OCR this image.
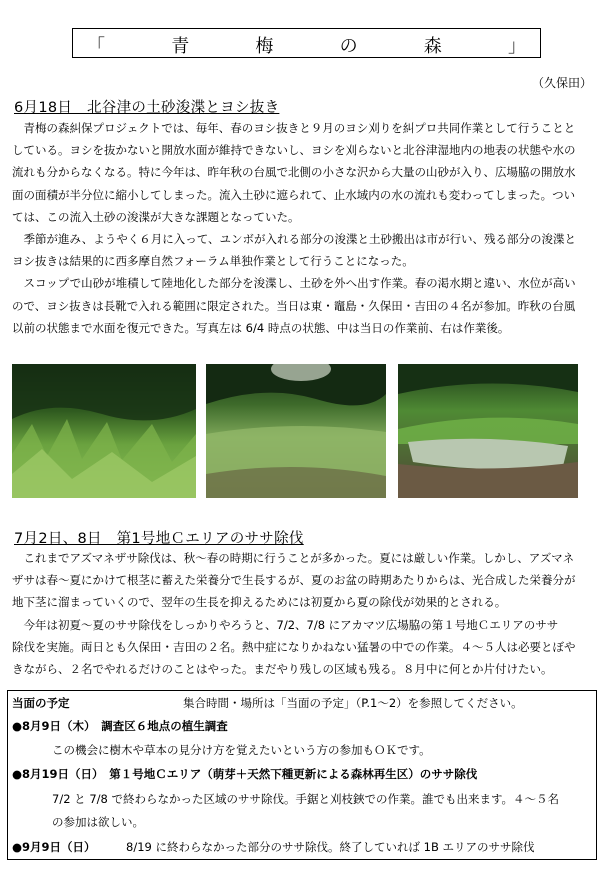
「	青	梅	の	森	」
（久保田）
6月18日　北谷津の土砂浚渫とヨシ抜き
　青梅の森糾保プロジェクトでは、毎年、春のヨシ抜きと９月のヨシ刈りを糾プロ共同作業として行うことと
している。ヨシを抜かないと開放水面が維持できないし、ヨシを刈らないと北谷津湿地内の地表の状態や水の
流れも分からなくなる。特に今年は、昨年秋の台風で北側の小さな沢から大量の山砂が入り、広場脇の開放水
面の面積が半分位に縮小してしまった。流入土砂に遮られて、止水域内の水の流れも変わってしまった。つい
ては、この流入土砂の浚渫が大きな課題となっていた。
　季節が進み、ようやく６月に入って、ユンボが入れる部分の浚渫と土砂搬出は市が行い、残る部分の浚渫と
ヨシ抜きは結果的に西多摩自然フォーラム単独作業として行うことになった。
　スコップで山砂が堆積して陸地化した部分を浚渫し、土砂を外へ出す作業。春の渇水期と違い、水位が高い
ので、ヨシ抜きは長靴で入れる範囲に限定された。当日は東・竈島・久保田・吉田の４名が参加。昨秋の台風
以前の状態まで水面を復元できた。写真左は 6/4 時点の状態、中は当日の作業前、右は作業後。
7月2日、8日　第1号地Ｃエリアのササ除伐
　これまでアズマネザサ除伐は、秋～春の時期に行うことが多かった。夏には厳しい作業。しかし、アズマネ
ザサは春～夏にかけて根茎に蓄えた栄養分で生長するが、夏のお盆の時期あたりからは、光合成した栄養分が
地下茎に溜まっていくので、翌年の生長を抑えるためには初夏から夏の除伐が効果的とされる。
　今年は初夏～夏のササ除伐をしっかりやろうと、7/2、7/8 にアカマツ広場脇の第１号地Ｃエリアのササ
除伐を実施。両日とも久保田・吉田の２名。熱中症になりかねない猛暑の中での作業。４～５人は必要とぼや
きながら、２名でやれるだけのことはやった。まだやり残しの区域も残る。８月中に何とか片付けたい。
当面の予定	集合時間・場所は「当面の予定」（P.1～2）を参照してください。
●8月9日（木）　調査区６地点の植生調査
この機会に樹木や草本の見分け方を覚えたいという方の参加もＯＫです。
●8月19日（日）　第１号地Ｃエリア（萌芽＋天然下種更新による森林再生区）のササ除伐
7/2 と 7/8 で終わらなかった区域のササ除伐。手鋸と刈枝鋏での作業。誰でも出来ます。４～５名
の参加は欲しい。
●9月9日（日）	8/19 に終わらなかった部分のササ除伐。終了していれば 1B エリアのササ除伐
